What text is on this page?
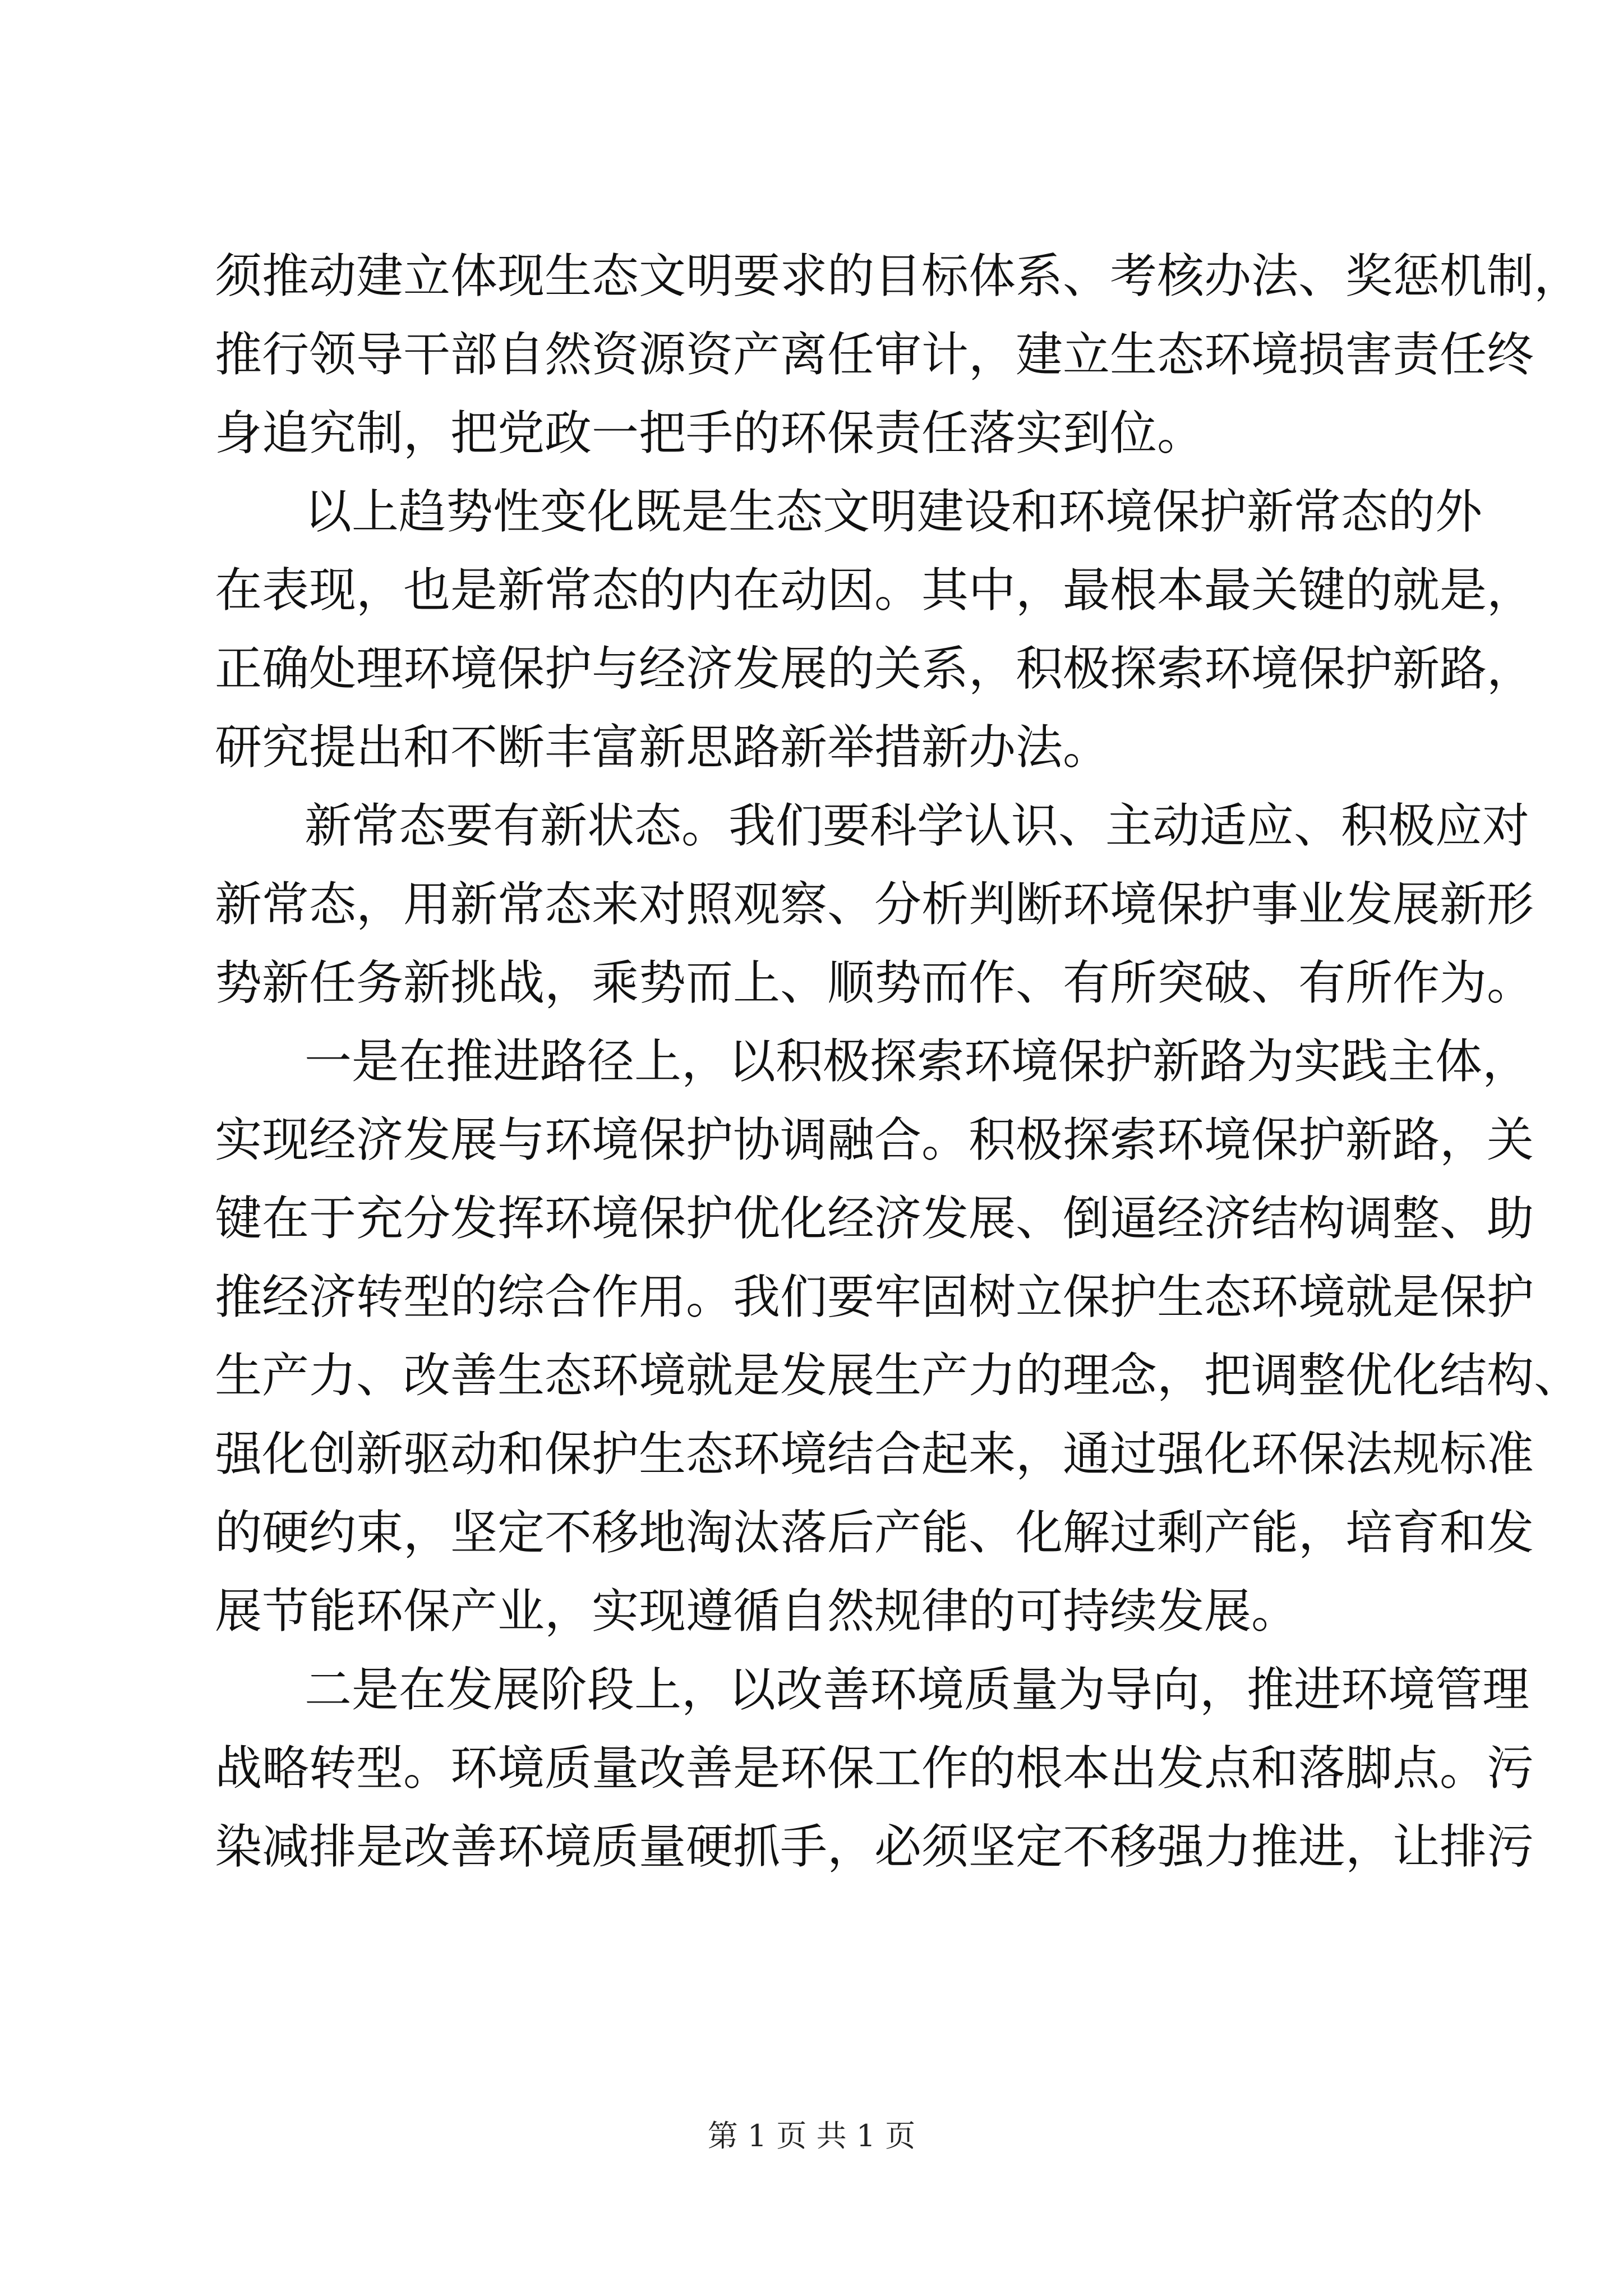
须推动建立体现生态文明要求的目标体系、考核办法、奖惩机制，
推行领导干部自然资源资产离任审计，建立生态环境损害责任终
身追究制，把党政一把手的环保责任落实到位。
以上趋势性变化既是生态文明建设和环境保护新常态的外
在表现，也是新常态的内在动因。其中，最根本最关键的就是，
正确处理环境保护与经济发展的关系，积极探索环境保护新路，
研究提出和不断丰富新思路新举措新办法。
新常态要有新状态。我们要科学认识、主动适应、积极应对
新常态，用新常态来对照观察、分析判断环境保护事业发展新形
势新任务新挑战，乘势而上、顺势而作、有所突破、有所作为。
一是在推进路径上，以积极探索环境保护新路为实践主体，
实现经济发展与环境保护协调融合。积极探索环境保护新路，关
键在于充分发挥环境保护优化经济发展、倒逼经济结构调整、助
推经济转型的综合作用。我们要牢固树立保护生态环境就是保护
生产力、改善生态环境就是发展生产力的理念，把调整优化结构、
强化创新驱动和保护生态环境结合起来，通过强化环保法规标准
的硬约束，坚定不移地淘汰落后产能、化解过剩产能，培育和发
展节能环保产业，实现遵循自然规律的可持续发展。
二是在发展阶段上，以改善环境质量为导向，推进环境管理
战略转型。环境质量改善是环保工作的根本出发点和落脚点。污
染减排是改善环境质量硬抓手，必须坚定不移强力推进，让排污
第 1 页 共 1 页
